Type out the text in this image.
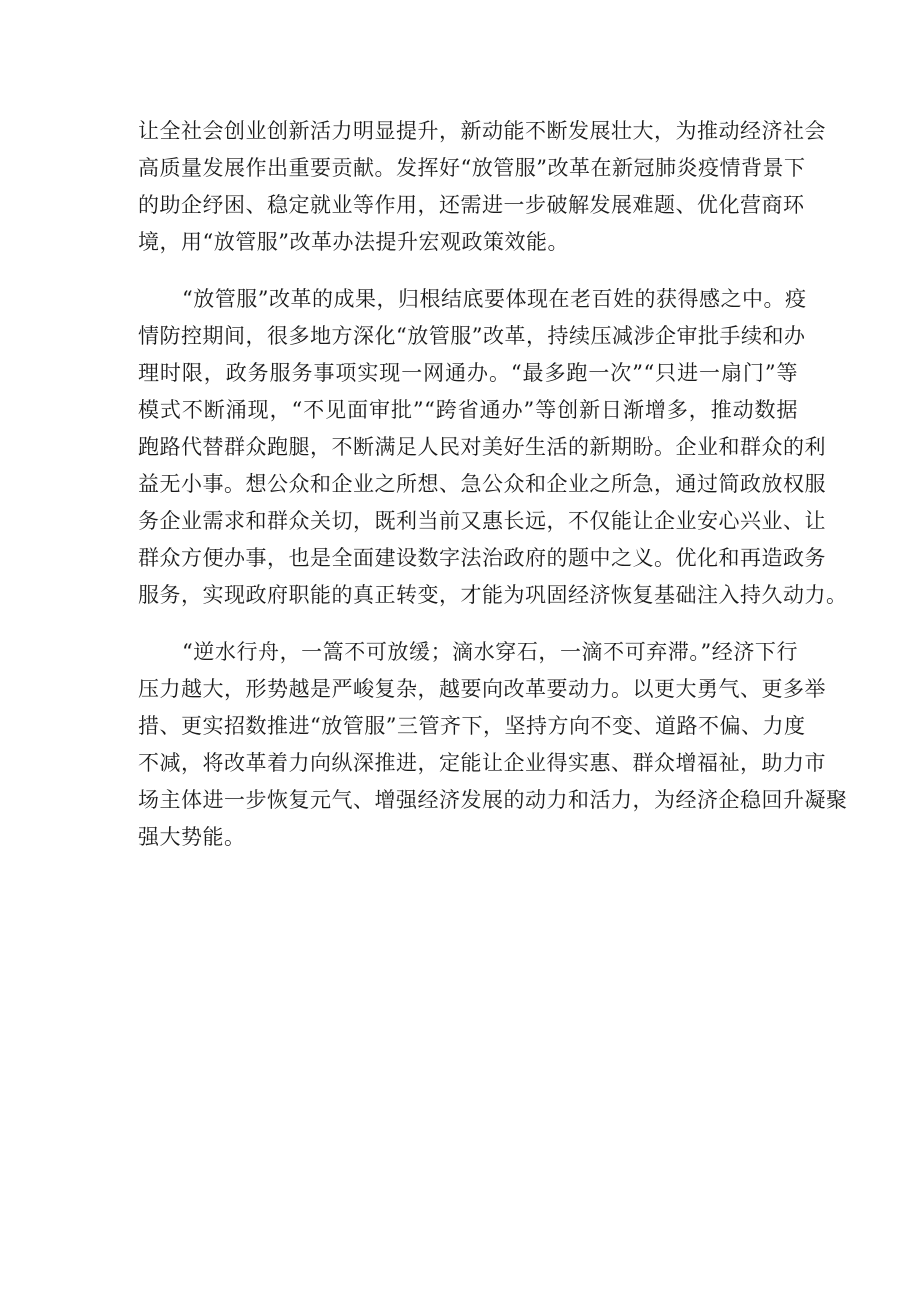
让全社会创业创新活力明显提升，新动能不断发展壮大，为推动经济社会
高质量发展作出重要贡献。发挥好“放管服”改革在新冠肺炎疫情背景下
的助企纾困、稳定就业等作用，还需进一步破解发展难题、优化营商环
境，用“放管服”改革办法提升宏观政策效能。
“放管服”改革的成果，归根结底要体现在老百姓的获得感之中。疫
情防控期间，很多地方深化“放管服”改革，持续压减涉企审批手续和办
理时限，政务服务事项实现一网通办。“最多跑一次”“只进一扇门”等
模式不断涌现，“不见面审批”“跨省通办”等创新日渐增多，推动数据
跑路代替群众跑腿，不断满足人民对美好生活的新期盼。企业和群众的利
益无小事。想公众和企业之所想、急公众和企业之所急，通过简政放权服
务企业需求和群众关切，既利当前又惠长远，不仅能让企业安心兴业、让
群众方便办事，也是全面建设数字法治政府的题中之义。优化和再造政务
服务，实现政府职能的真正转变，才能为巩固经济恢复基础注入持久动力。
“逆水行舟，一篙不可放缓；滴水穿石，一滴不可弃滞。”经济下行
压力越大，形势越是严峻复杂，越要向改革要动力。以更大勇气、更多举
措、更实招数推进“放管服”三管齐下，坚持方向不变、道路不偏、力度
不减，将改革着力向纵深推进，定能让企业得实惠、群众增福祉，助力市
场主体进一步恢复元气、增强经济发展的动力和活力，为经济企稳回升凝聚
强大势能。
